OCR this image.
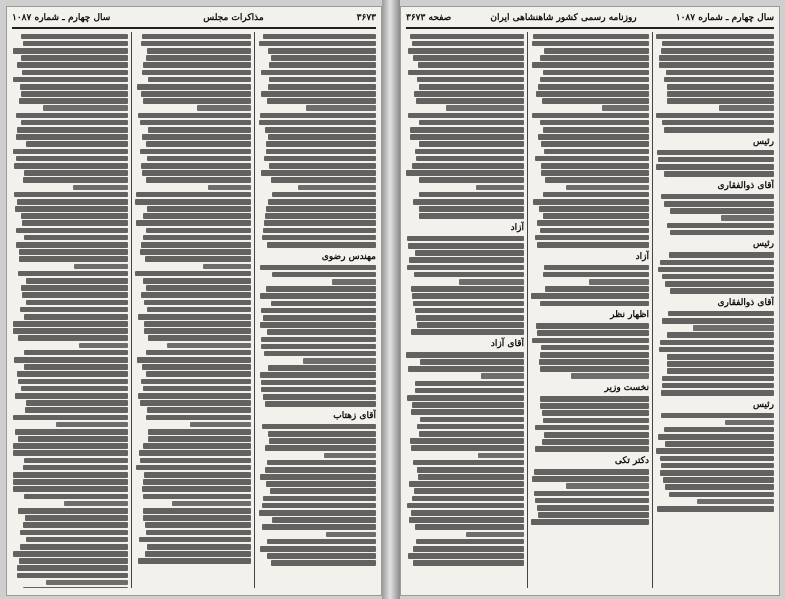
۳۶۷۳
مذاکرات مجلس
سال چهارم ـ شماره ۱۰۸۷
مهندس رضوی
آقای زهتاب
سال چهارم ـ شماره ۱۰۸۷
روزنامه رسمی کشور شاهنشاهی ایران
صفحه ۳۶۷۳
آزاد
آقای آزاد
آزاد
اظهار نظر
نخست وزیر
دکتر تکی
رئیس
آقای ذوالفقاری
رئیس
آقای ذوالفقاری
رئیس
